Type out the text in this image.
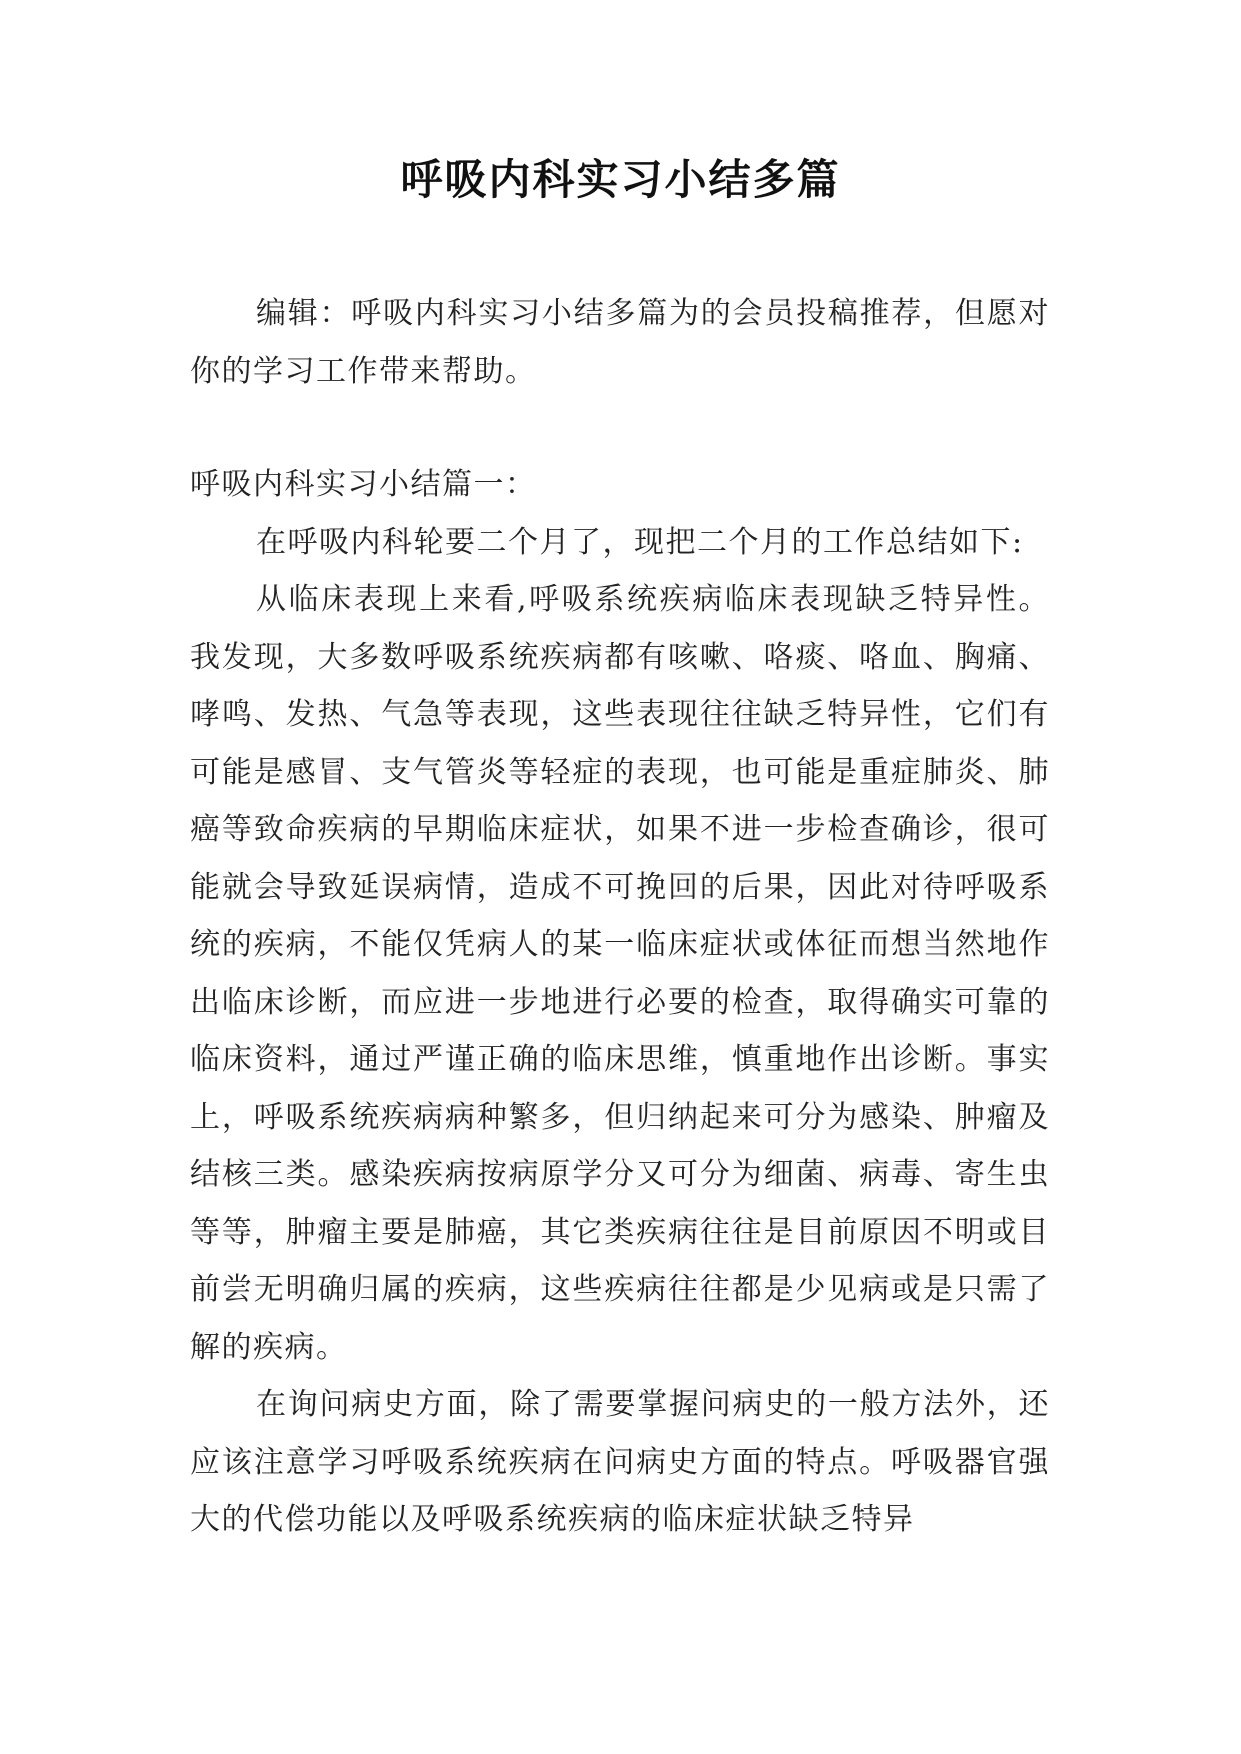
呼吸内科实习小结多篇

编辑：呼吸内科实习小结多篇为的会员投稿推荐，但愿对你的学习工作带来帮助。

呼吸内科实习小结篇一：

在呼吸内科轮要二个月了，现把二个月的工作总结如下:

从临床表现上来看,呼吸系统疾病临床表现缺乏特异性。我发现，大多数呼吸系统疾病都有咳嗽、咯痰、咯血、胸痛、哮鸣、发热、气急等表现，这些表现往往缺乏特异性，它们有可能是感冒、支气管炎等轻症的表现，也可能是重症肺炎、肺癌等致命疾病的早期临床症状，如果不进一步检查确诊，很可能就会导致延误病情，造成不可挽回的后果，因此对待呼吸系统的疾病，不能仅凭病人的某一临床症状或体征而想当然地作出临床诊断，而应进一步地进行必要的检查，取得确实可靠的临床资料，通过严谨正确的临床思维，慎重地作出诊断。事实上，呼吸系统疾病病种繁多，但归纳起来可分为感染、肿瘤及结核三类。感染疾病按病原学分又可分为细菌、病毒、寄生虫等等，肿瘤主要是肺癌，其它类疾病往往是目前原因不明或目前尝无明确归属的疾病，这些疾病往往都是少见病或是只需了解的疾病。

在询问病史方面，除了需要掌握问病史的一般方法外，还应该注意学习呼吸系统疾病在问病史方面的特点。呼吸器官强大的代偿功能以及呼吸系统疾病的临床症状缺乏特异
